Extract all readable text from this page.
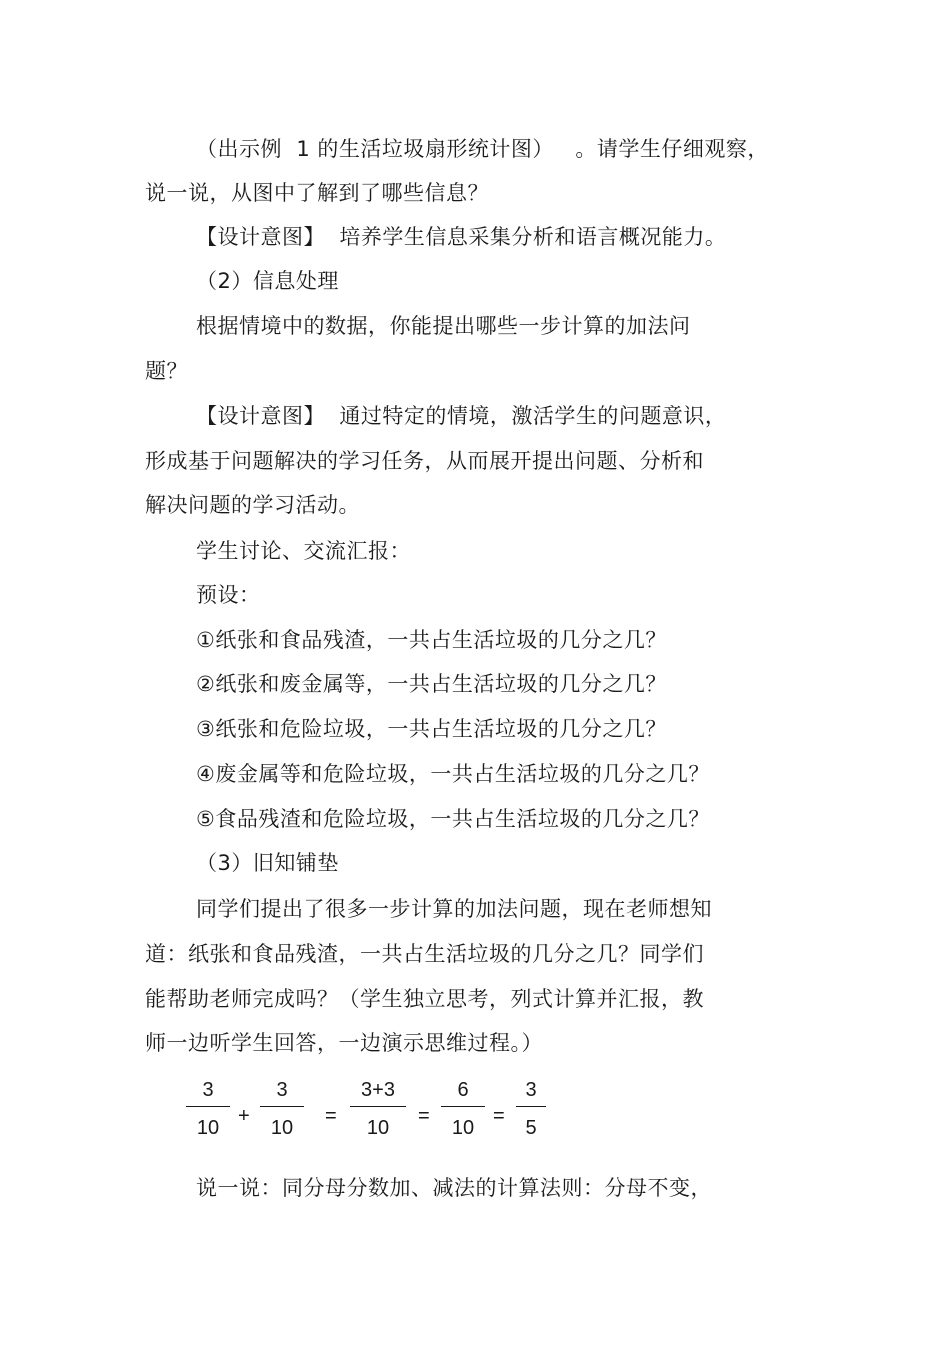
（出示例  1 的生活垃圾扇形统计图）   。请学生仔细观察，
说一说，从图中了解到了哪些信息？
【设计意图】  培养学生信息采集分析和语言概况能力。
（2）信息处理
根据情境中的数据，你能提出哪些一步计算的加法问
题？
【设计意图】  通过特定的情境，激活学生的问题意识，
形成基于问题解决的学习任务，从而展开提出问题、分析和
解决问题的学习活动。
学生讨论、交流汇报：
预设：
①纸张和食品残渣，一共占生活垃圾的几分之几？
②纸张和废金属等，一共占生活垃圾的几分之几？
③纸张和危险垃圾，一共占生活垃圾的几分之几？
④废金属等和危险垃圾，一共占生活垃圾的几分之几？
⑤食品残渣和危险垃圾，一共占生活垃圾的几分之几？
（3）旧知铺垫
同学们提出了很多一步计算的加法问题，现在老师想知
道：纸张和食品残渣，一共占生活垃圾的几分之几？同学们
能帮助老师完成吗？（学生独立思考，列式计算并汇报，教
师一边听学生回答，一边演示思维过程。）
3
10
+
3
10
=
3+3
10
=
6
10
=
3
5
说一说：同分母分数加、减法的计算法则：分母不变，
